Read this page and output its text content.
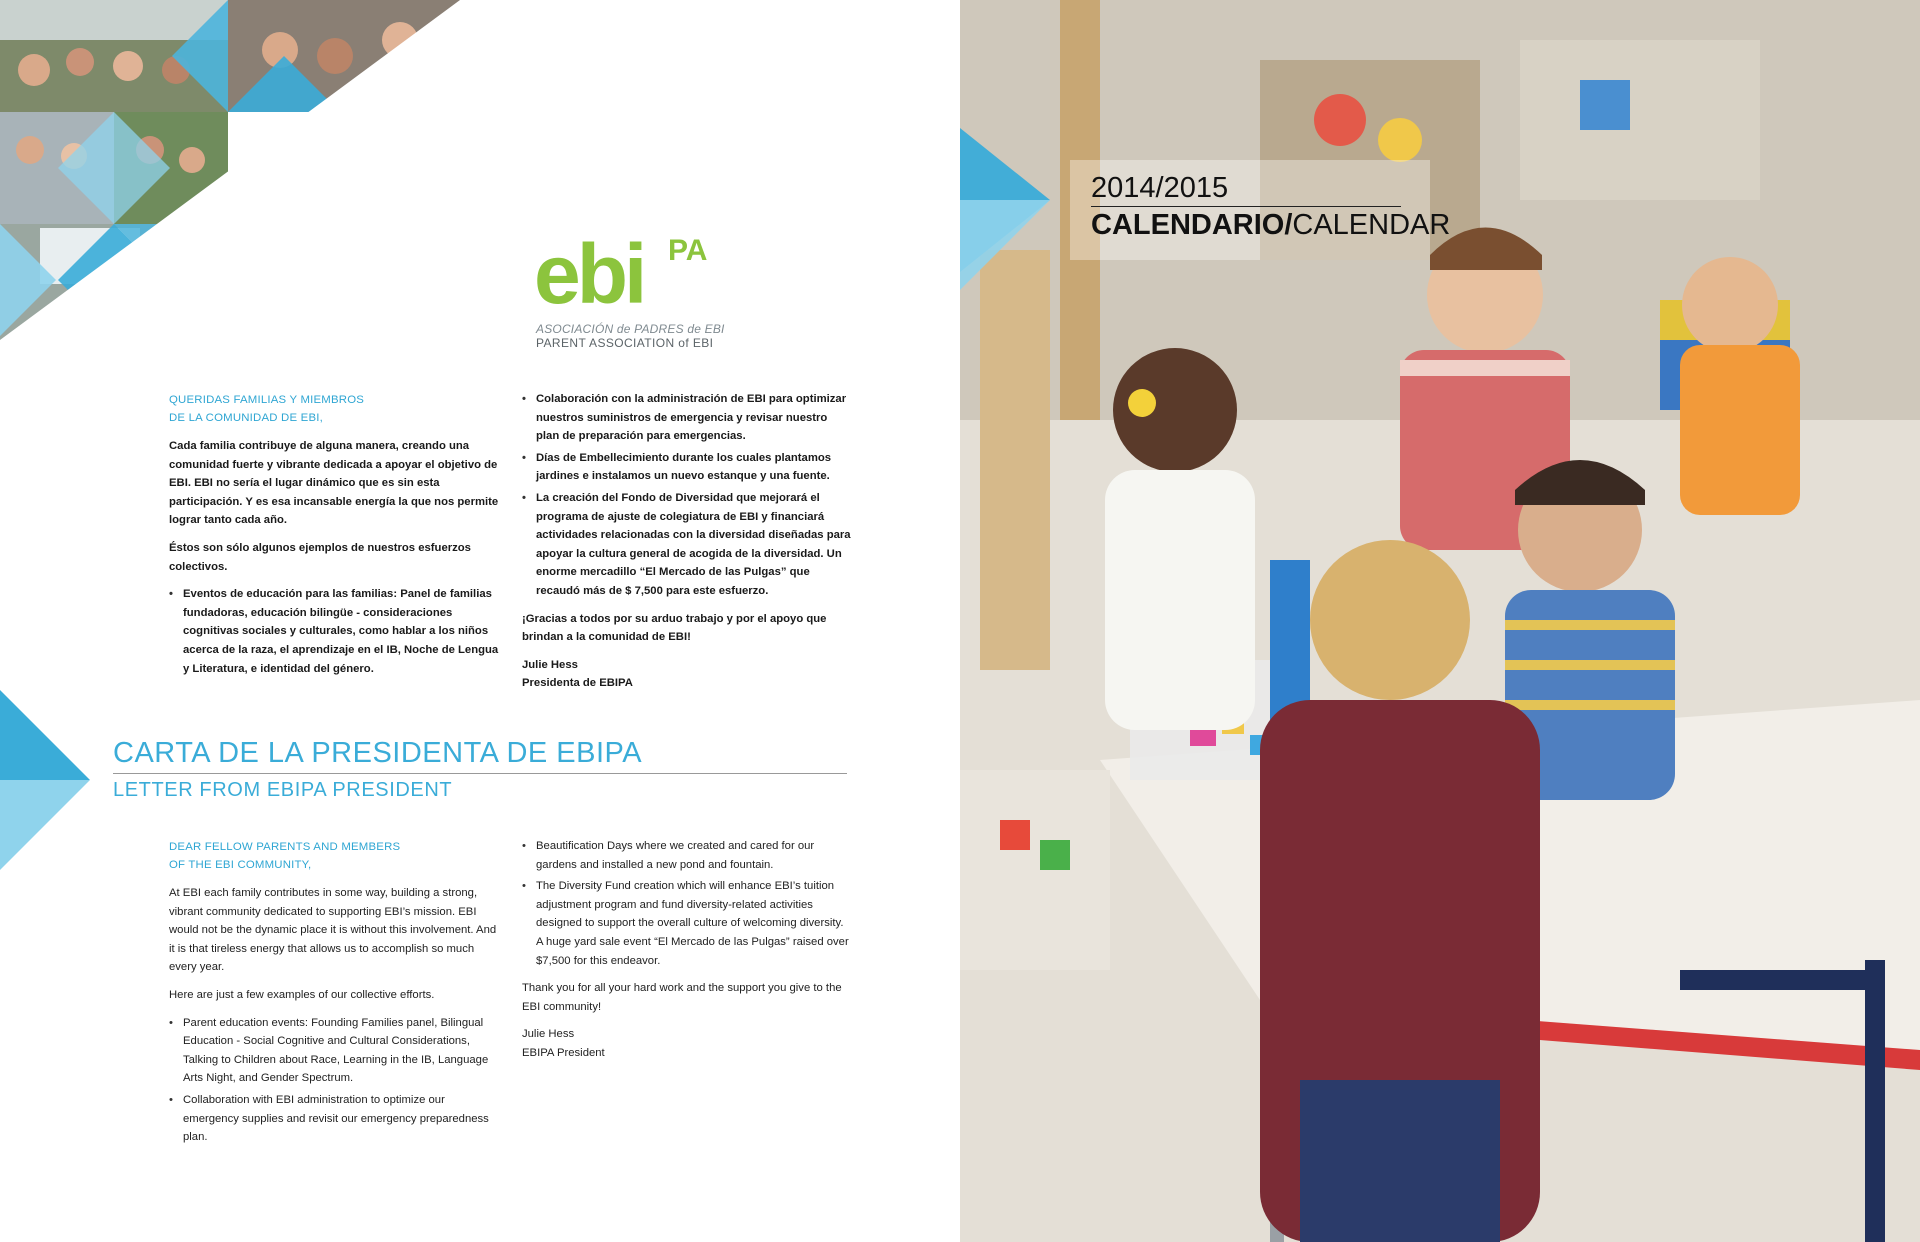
ebi PA
ASOCIACIÓN de PADRES de EBI
PARENT ASSOCIATION of EBI
QUERIDAS FAMILIAS Y MIEMBROS
DE LA COMUNIDAD DE EBI,

Cada familia contribuye de alguna manera, creando una comunidad fuerte y vibrante dedicada a apoyar el objetivo de EBI. EBI no sería el lugar dinámico que es sin esta participación. Y es esa incansable energía la que nos permite lograr tanto cada año.

Éstos son sólo algunos ejemplos de nuestros esfuerzos colectivos.

• Eventos de educación para las familias: Panel de familias fundadoras, educación bilingüe - consideraciones cognitivas sociales y culturales, como hablar a los niños acerca de la raza, el aprendizaje en el IB, Noche de Lengua y Literatura, e identidad del género.
• Colaboración con la administración de EBI para optimizar nuestros suministros de emergencia y revisar nuestro plan de preparación para emergencias.
• Días de Embellecimiento durante los cuales plantamos jardines e instalamos un nuevo estanque y una fuente.
• La creación del Fondo de Diversidad que mejorará el programa de ajuste de colegiatura de EBI y financiará actividades relacionadas con la diversidad diseñadas para apoyar la cultura general de acogida de la diversidad. Un enorme mercadillo “El Mercado de las Pulgas” que recaudó más de $ 7,500 para este esfuerzo.

¡Gracias a todos por su arduo trabajo y por el apoyo que brindan a la comunidad de EBI!

Julie Hess
Presidenta de EBIPA

CARTA DE LA PRESIDENTA DE EBIPA
LETTER FROM EBIPA PRESIDENT
DEAR FELLOW PARENTS AND MEMBERS
OF THE EBI COMMUNITY,

At EBI each family contributes in some way, building a strong, vibrant community dedicated to supporting EBI’s mission. EBI would not be the dynamic place it is without this involvement. And it is that tireless energy that allows us to accomplish so much every year.

Here are just a few examples of our collective efforts.

• Parent education events: Founding Families panel, Bilingual Education - Social Cognitive and Cultural Considerations, Talking to Children about Race, Learning in the IB, Language Arts Night, and Gender Spectrum.
• Collaboration with EBI administration to optimize our emergency supplies and revisit our emergency preparedness plan.
• Beautification Days where we created and cared for our gardens and installed a new pond and fountain.
• The Diversity Fund creation which will enhance EBI’s tuition adjustment program and fund diversity-related activities designed to support the overall culture of welcoming diversity. A huge yard sale event “El Mercado de las Pulgas” raised over $7,500 for this endeavor.

Thank you for all your hard work and the support you give to the EBI community!

Julie Hess
EBIPA President

2014/2015
CALENDARIO/CALENDAR
